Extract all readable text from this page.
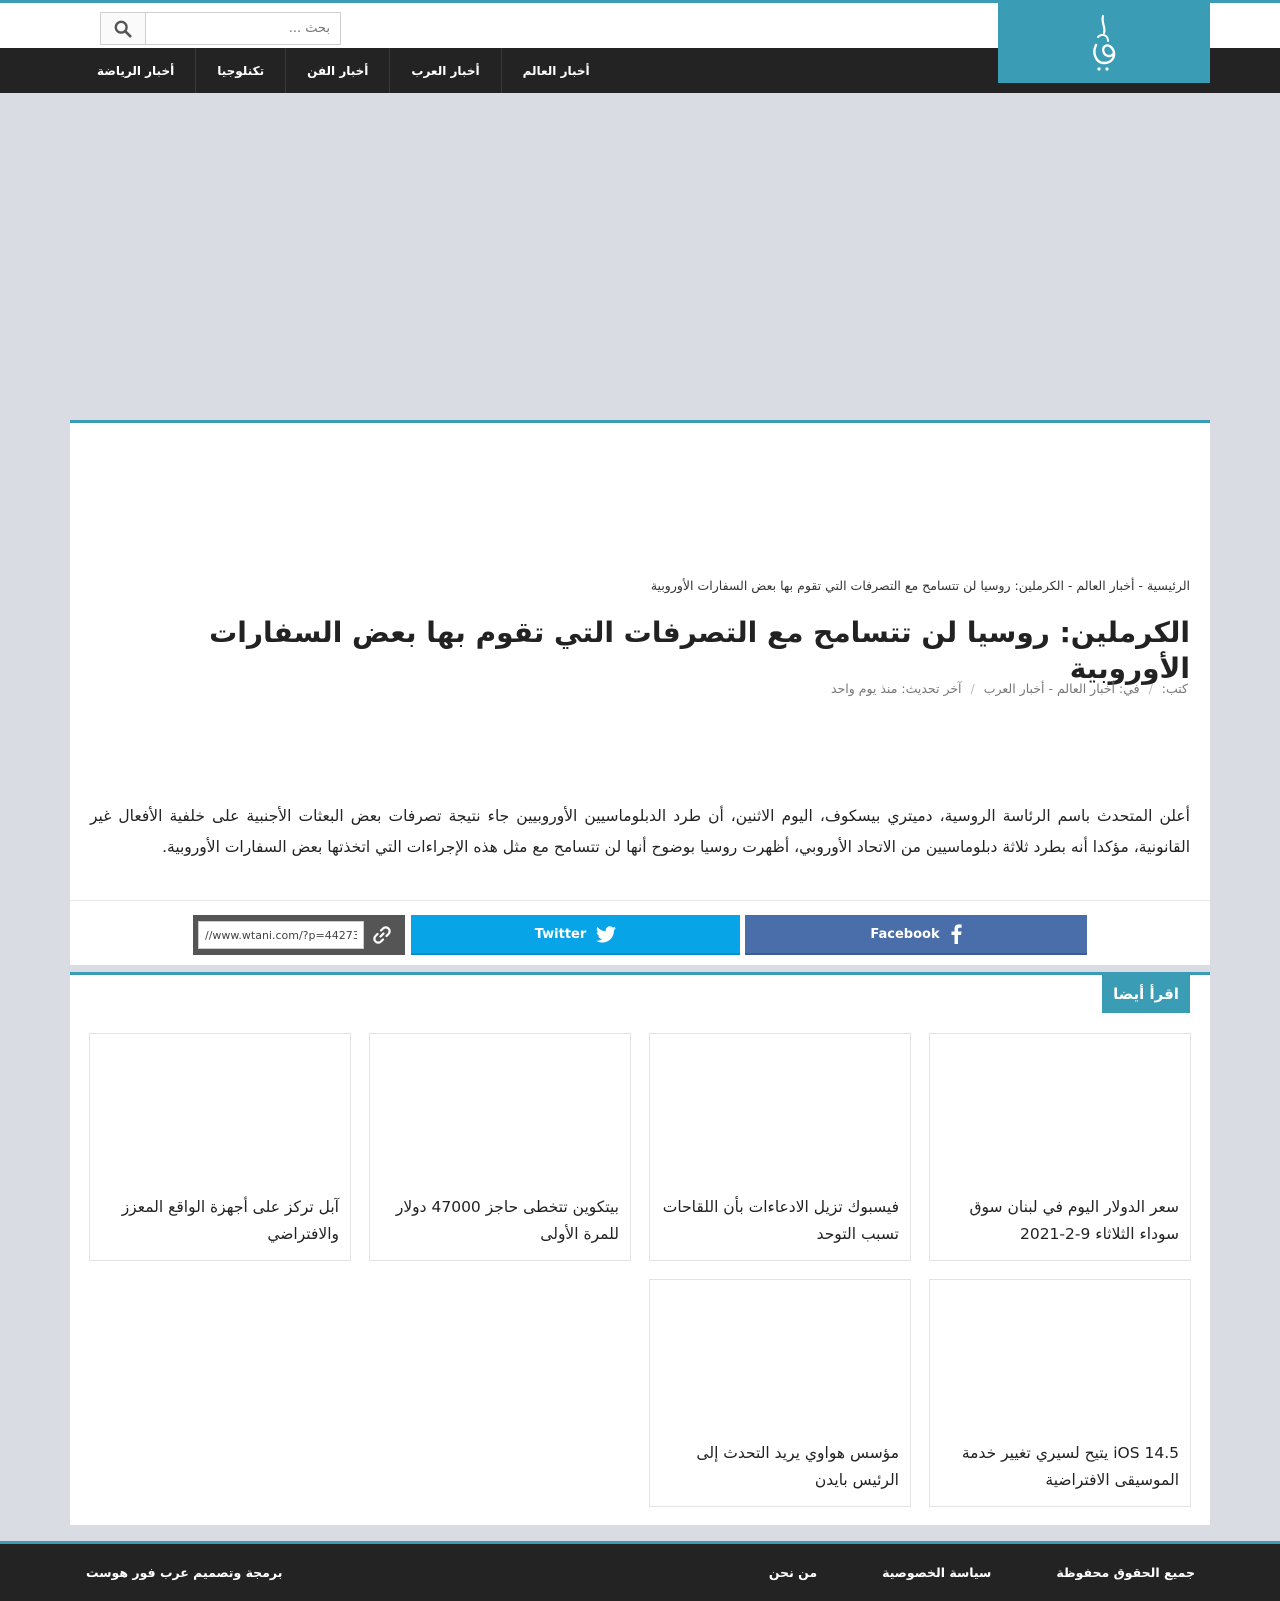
بحث ...
أخبار العالم
أخبار العرب
أخبار الفن
تكنلوجيا
أخبار الرياضة
الرئيسية - أخبار العالم - الكرملين: روسيا لن تتسامح مع التصرفات التي تقوم بها بعض السفارات الأوروبية
الكرملين: روسيا لن تتسامح مع التصرفات التي تقوم بها بعض السفارات الأوروبية
كتب: / في: أخبار العالم - أخبار العرب / آخر تحديث: منذ يوم واحد

أعلن المتحدث باسم الرئاسة الروسية، دميتري بيسكوف، اليوم الاثنين، أن طرد الدبلوماسيين الأوروبيين جاء نتيجة تصرفات بعض البعثات الأجنبية على خلفية الأفعال غير القانونية، مؤكدا أنه بطرد ثلاثة دبلوماسيين من الاتحاد الأوروبي، أظهرت روسيا بوضوح أنها لن تتسامح مع مثل هذه الإجراءات التي اتخذتها بعض السفارات الأوروبية.

Facebook
Twitter
//www.wtani.com/?p=44273
اقرأ أيضا
سعر الدولار اليوم في لبنان سوق سوداء الثلاثاء 9-2-2021
فيسبوك تزيل الادعاءات بأن اللقاحات تسبب التوحد
بيتكوين تتخطى حاجز 47000 دولار للمرة الأولى
آبل تركز على أجهزة الواقع المعزز والافتراضي
iOS 14.5 يتيح لسيري تغيير خدمة الموسيقى الافتراضية
مؤسس هواوي يريد التحدث إلى الرئيس بايدن
جميع الحقوق محفوظة
سياسة الخصوصية
من نحن
برمجة وتصميم عرب فور هوست
